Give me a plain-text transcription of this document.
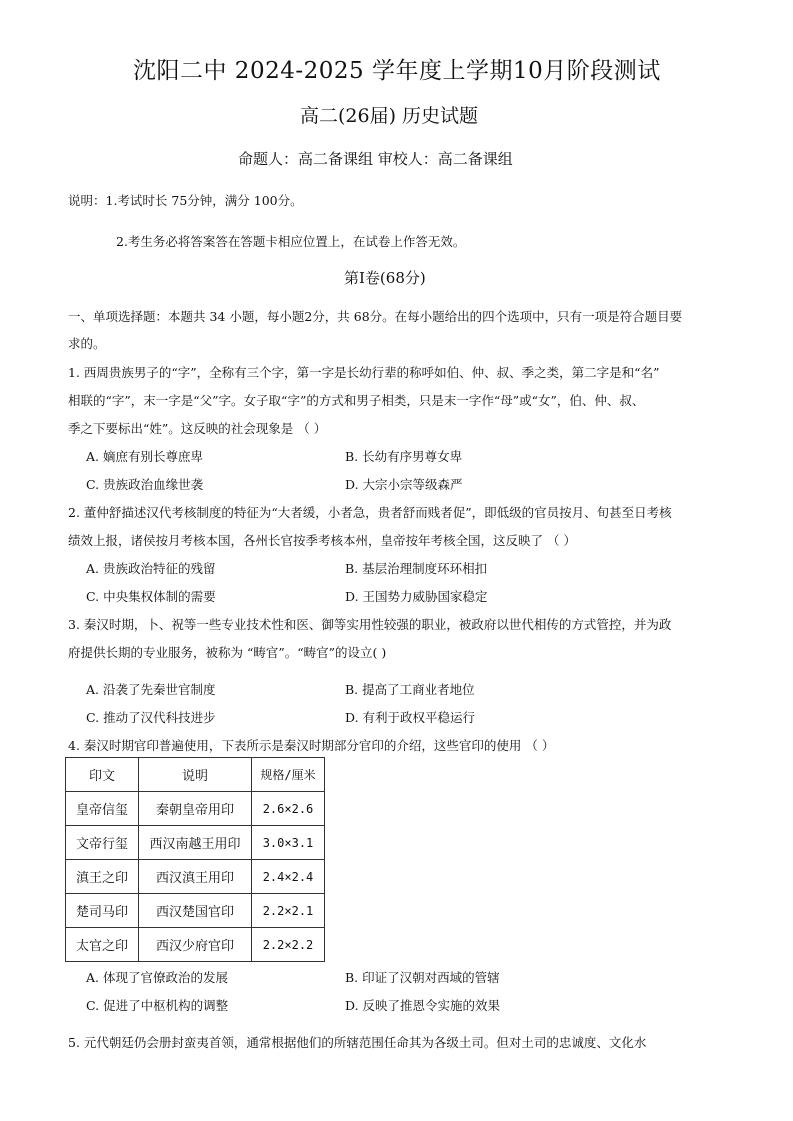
沈阳二中 2024-2025 学年度上学期10月阶段测试
高二(26届) 历史试题
命题人：高二备课组 审校人：高二备课组
说明：1.考试时长 75分钟，满分 100分。
2.考生务必将答案答在答题卡相应位置上，在试卷上作答无效。
第Ⅰ卷(68分)
一、单项选择题：本题共 34 小题，每小题2分，共 68分。在每小题给出的四个选项中，只有一项是符合题目要
求的。
1. 西周贵族男子的“字”，全称有三个字，第一字是长幼行辈的称呼如伯、仲、叔、季之类，第二字是和“名”
相联的“字”，末一字是“父”字。女子取“字”的方式和男子相类，只是末一字作“母”或“女”，伯、仲、叔、
季之下要标出“姓”。这反映的社会现象是 （ ）
A. 嫡庶有别长尊庶卑	B. 长幼有序男尊女卑
C. 贵族政治血缘世袭	D. 大宗小宗等级森严
2. 董仲舒描述汉代考核制度的特征为“大者缓，小者急，贵者舒而贱者促”，即低级的官员按月、旬甚至日考核
绩效上报，诸侯按月考核本国，各州长官按季考核本州，皇帝按年考核全国，这反映了 （ ）
A. 贵族政治特征的残留	B. 基层治理制度环环相扣
C. 中央集权体制的需要	D. 王国势力威胁国家稳定
3. 秦汉时期，卜、祝等一些专业技术性和医、御等实用性较强的职业，被政府以世代相传的方式管控，并为政
府提供长期的专业服务，被称为 “畴官”。“畴官”的设立( )
A. 沿袭了先秦世官制度	B. 提高了工商业者地位
C. 推动了汉代科技进步	D. 有利于政权平稳运行
4. 秦汉时期官印普遍使用，下表所示是秦汉时期部分官印的介绍，这些官印的使用 （ ）
印文	说明	规格/厘米
皇帝信玺	秦朝皇帝用印	2.6×2.6
文帝行玺	西汉南越王用印	3.0×3.1
滇王之印	西汉滇王用印	2.4×2.4
楚司马印	西汉楚国官印	2.2×2.1
太官之印	西汉少府官印	2.2×2.2
A. 体现了官僚政治的发展	B. 印证了汉朝对西域的管辖
C. 促进了中枢机构的调整	D. 反映了推恩令实施的效果
5. 元代朝廷仍会册封蛮夷首领，通常根据他们的所辖范围任命其为各级土司。但对土司的忠诚度、文化水
